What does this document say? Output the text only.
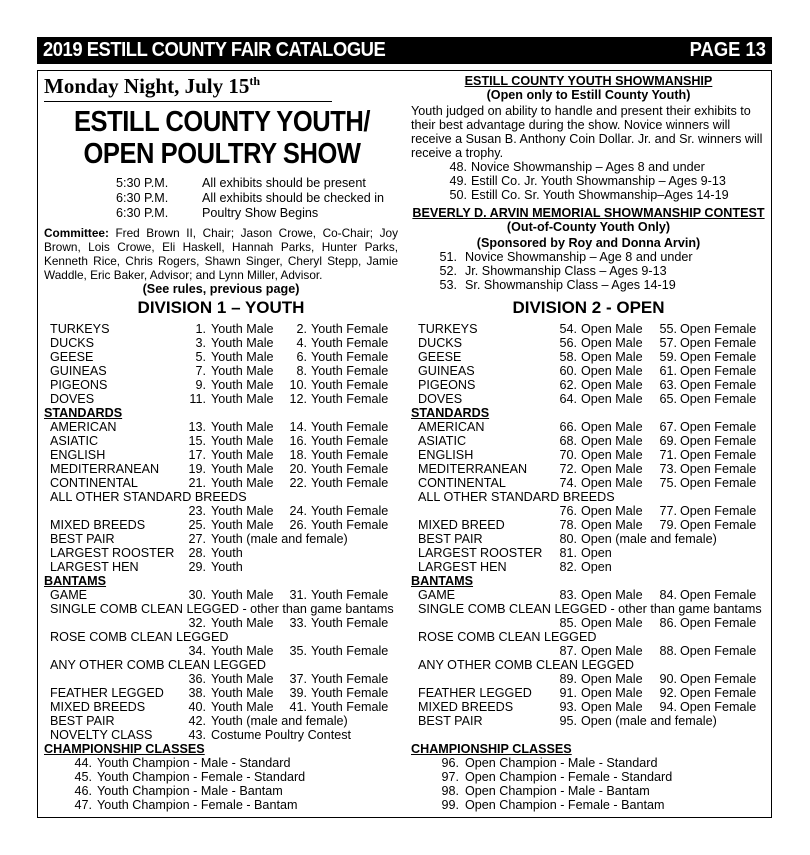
2019 ESTILL COUNTY FAIR CATALOGUE	PAGE 13
Monday Night, July 15th
ESTILL COUNTY YOUTH/
OPEN POULTRY SHOW
5:30 P.M.	All exhibits should be present
6:30 P.M.	All exhibits should be checked in
6:30 P.M.	Poultry Show Begins
Committee: Fred Brown II, Chair; Jason Crowe, Co-Chair; Joy Brown, Lois Crowe, Eli Haskell, Hannah Parks, Hunter Parks, Kenneth Rice, Chris Rogers, Shawn Singer, Cheryl Stepp, Jamie Waddle, Eric Baker, Advisor; and Lynn Miller, Advisor.
(See rules, previous page)
DIVISION 1 – YOUTH
TURKEYS	1. Youth Male	2. Youth Female
DUCKS	3. Youth Male	4. Youth Female
GEESE	5. Youth Male	6. Youth Female
GUINEAS	7. Youth Male	8. Youth Female
PIGEONS	9. Youth Male	10. Youth Female
DOVES	11. Youth Male	12. Youth Female
STANDARDS
AMERICAN	13. Youth Male	14. Youth Female
ASIATIC	15. Youth Male	16. Youth Female
ENGLISH	17. Youth Male	18. Youth Female
MEDITERRANEAN	19. Youth Male	20. Youth Female
CONTINENTAL	21. Youth Male	22. Youth Female
ALL OTHER STANDARD BREEDS
23. Youth Male	24. Youth Female
MIXED BREEDS	25. Youth Male	26. Youth Female
BEST PAIR	27. Youth (male and female)
LARGEST ROOSTER	28. Youth
LARGEST HEN	29. Youth
BANTAMS
GAME	30. Youth Male	31. Youth Female
SINGLE COMB CLEAN LEGGED - other than game bantams
32. Youth Male	33. Youth Female
ROSE COMB CLEAN LEGGED
34. Youth Male	35. Youth Female
ANY OTHER COMB CLEAN LEGGED
36. Youth Male	37. Youth Female
FEATHER LEGGED	38. Youth Male	39. Youth Female
MIXED BREEDS	40. Youth Male	41. Youth Female
BEST PAIR	42. Youth (male and female)
NOVELTY CLASS	43. Costume Poultry Contest
CHAMPIONSHIP CLASSES
44. Youth Champion - Male - Standard
45. Youth Champion - Female - Standard
46. Youth Champion - Male - Bantam
47. Youth Champion - Female - Bantam
ESTILL COUNTY YOUTH SHOWMANSHIP
(Open only to Estill County Youth)
Youth judged on ability to handle and present their exhibits to their best advantage during the show. Novice winners will receive a Susan B. Anthony Coin Dollar. Jr. and Sr. winners will receive a trophy.
48. Novice Showmanship – Ages 8 and under
49. Estill Co. Jr. Youth Showmanship – Ages 9-13
50. Estill Co. Sr. Youth Showmanship–Ages 14-19
BEVERLY D. ARVIN MEMORIAL SHOWMANSHIP CONTEST
(Out-of-County Youth Only)
(Sponsored by Roy and Donna Arvin)
51. Novice Showmanship – Age 8 and under
52. Jr. Showmanship Class – Ages 9-13
53. Sr. Showmanship Class – Ages 14-19
DIVISION 2 - OPEN
TURKEYS	54. Open Male	55. Open Female
DUCKS	56. Open Male	57. Open Female
GEESE	58. Open Male	59. Open Female
GUINEAS	60. Open Male	61. Open Female
PIGEONS	62. Open Male	63. Open Female
DOVES	64. Open Male	65. Open Female
STANDARDS
AMERICAN	66. Open Male	67. Open Female
ASIATIC	68. Open Male	69. Open Female
ENGLISH	70. Open Male	71. Open Female
MEDITERRANEAN	72. Open Male	73. Open Female
CONTINENTAL	74. Open Male	75. Open Female
ALL OTHER STANDARD BREEDS
76. Open Male	77. Open Female
MIXED BREED	78. Open Male	79. Open Female
BEST PAIR	80. Open (male and female)
LARGEST ROOSTER	81. Open
LARGEST HEN	82. Open
BANTAMS
GAME	83. Open Male	84. Open Female
SINGLE COMB CLEAN LEGGED - other than game bantams
85. Open Male	86. Open Female
ROSE COMB CLEAN LEGGED
87. Open Male	88. Open Female
ANY OTHER COMB CLEAN LEGGED
89. Open Male	90. Open Female
FEATHER LEGGED	91. Open Male	92. Open Female
MIXED BREEDS	93. Open Male	94. Open Female
BEST PAIR	95. Open (male and female)
CHAMPIONSHIP CLASSES
96. Open Champion - Male - Standard
97. Open Champion - Female - Standard
98. Open Champion - Male - Bantam
99. Open Champion - Female - Bantam
